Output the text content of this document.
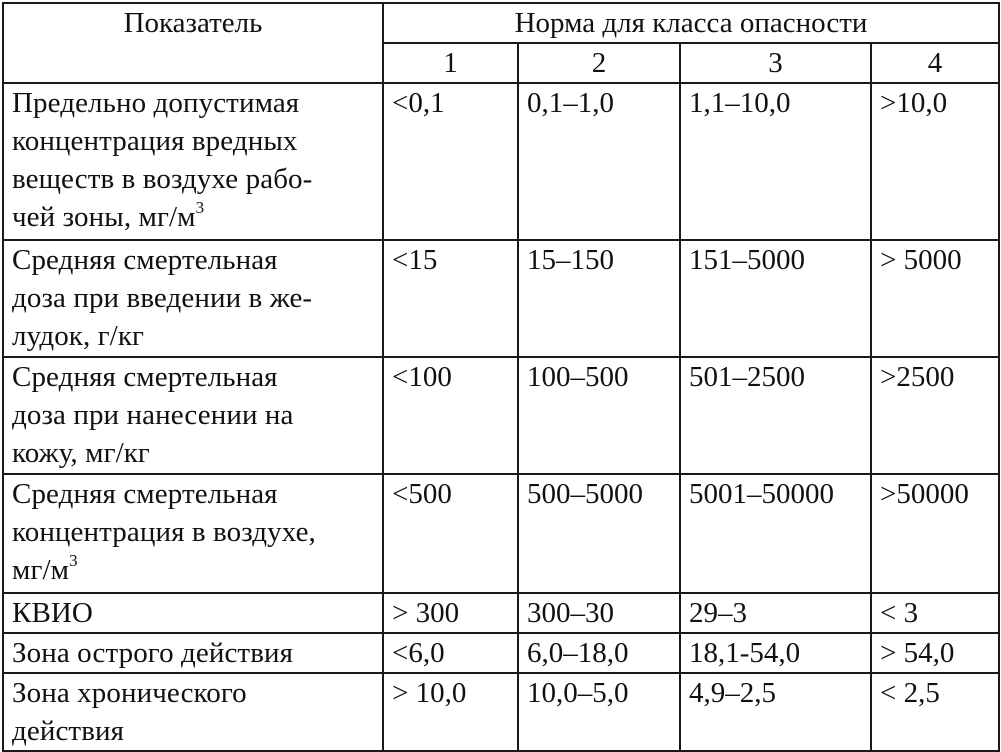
Показатель	Норма для класса опасности			
	1	2	3	4
Предельно допустимая
концентрация вредных
веществ в воздухе рабо-
чей зоны, $мг/м^3$	<0,1	0,1–1,0	1,1–10,0	>10,0
Средняя смертельная
доза при введении в же-
лудок, г/кг	<15	15–150	151–5000	> 5000
Средняя смертельная
доза при нанесении на
кожу, мг/кг	<100	100–500	501–2500	>2500
Средняя смертельная
концентрация в воздухе,
$мг/м^3$	<500	500–5000	5001–50000	>50000
КВИО	> 300	300–30	29–3	< 3
Зона острого действия	<6,0	6,0–18,0	18,1-54,0	> 54,0
Зона хронического
действия	> 10,0	10,0–5,0	4,9–2,5	< 2,5
